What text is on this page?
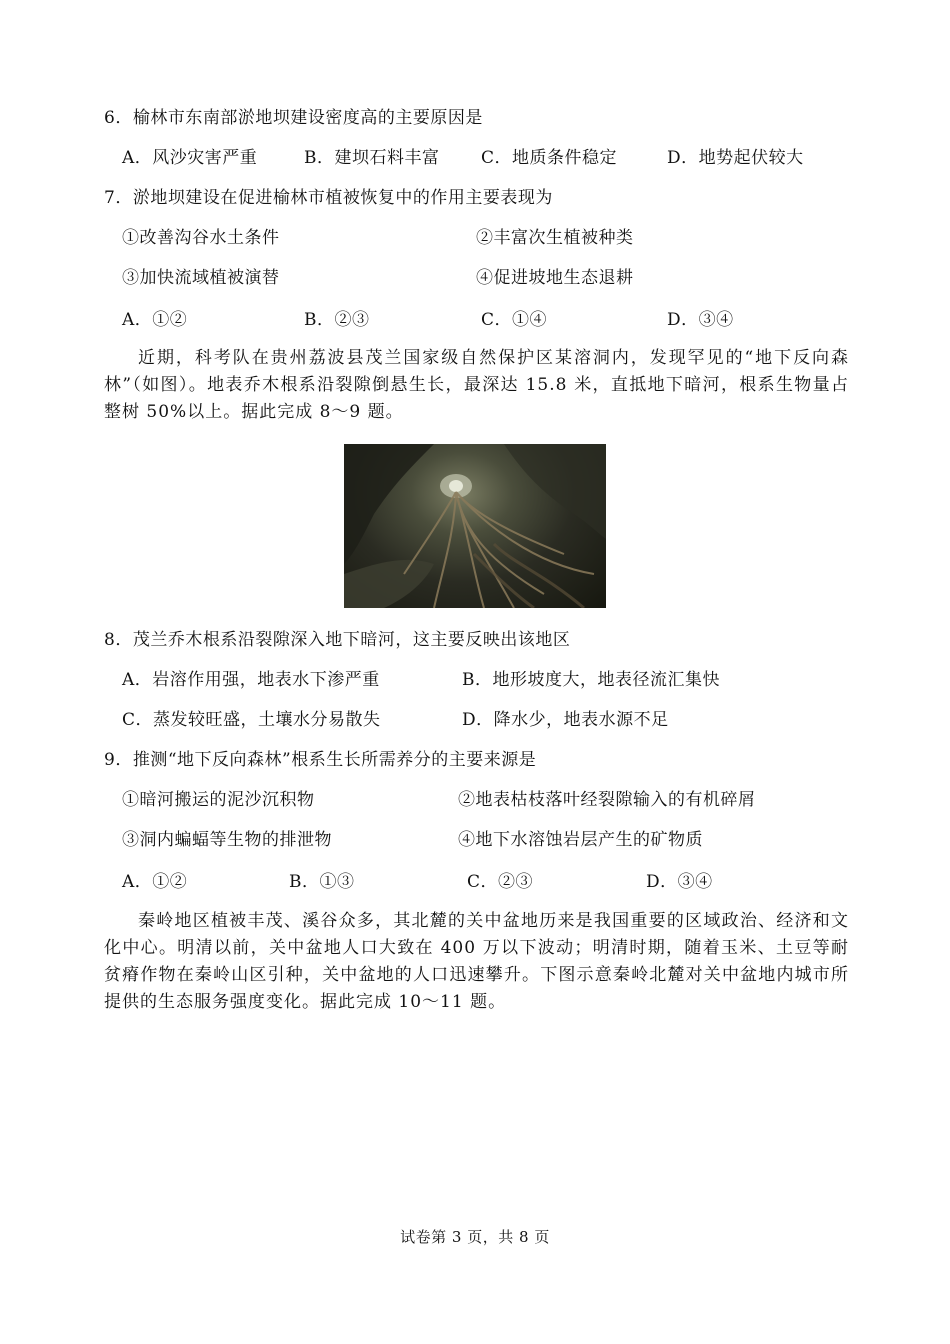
6．榆林市东南部淤地坝建设密度高的主要原因是
A．风沙灾害严重	B．建坝石料丰富 C．地质条件稳定	D．地势起伏较大
7．淤地坝建设在促进榆林市植被恢复中的作用主要表现为
①改善沟谷水土条件	②丰富次生植被种类
③加快流域植被演替	④促进坡地生态退耕
A．①②	B．②③	C．①④	D．③④
近期，科考队在贵州荔波县茂兰国家级自然保护区某溶洞内，发现罕见的“地下反向森林”（如图）。地表乔木根系沿裂隙倒悬生长，最深达 15.8 米，直抵地下暗河，根系生物量占整树 50%以上。据此完成 8～9 题。
8．茂兰乔木根系沿裂隙深入地下暗河，这主要反映出该地区
A．岩溶作用强，地表水下渗严重	B．地形坡度大，地表径流汇集快
C．蒸发较旺盛，土壤水分易散失	D．降水少，地表水源不足
9．推测“地下反向森林”根系生长所需养分的主要来源是
①暗河搬运的泥沙沉积物	②地表枯枝落叶经裂隙输入的有机碎屑
③洞内蝙蝠等生物的排泄物	④地下水溶蚀岩层产生的矿物质
A．①②	B．①③	C．②③	D．③④
秦岭地区植被丰茂、溪谷众多，其北麓的关中盆地历来是我国重要的区域政治、经济和文化中心。明清以前，关中盆地人口大致在 400 万以下波动；明清时期，随着玉米、土豆等耐贫瘠作物在秦岭山区引种，关中盆地的人口迅速攀升。下图示意秦岭北麓对关中盆地内城市所提供的生态服务强度变化。据此完成 10～11 题。
试卷第 3 页，共 8 页
